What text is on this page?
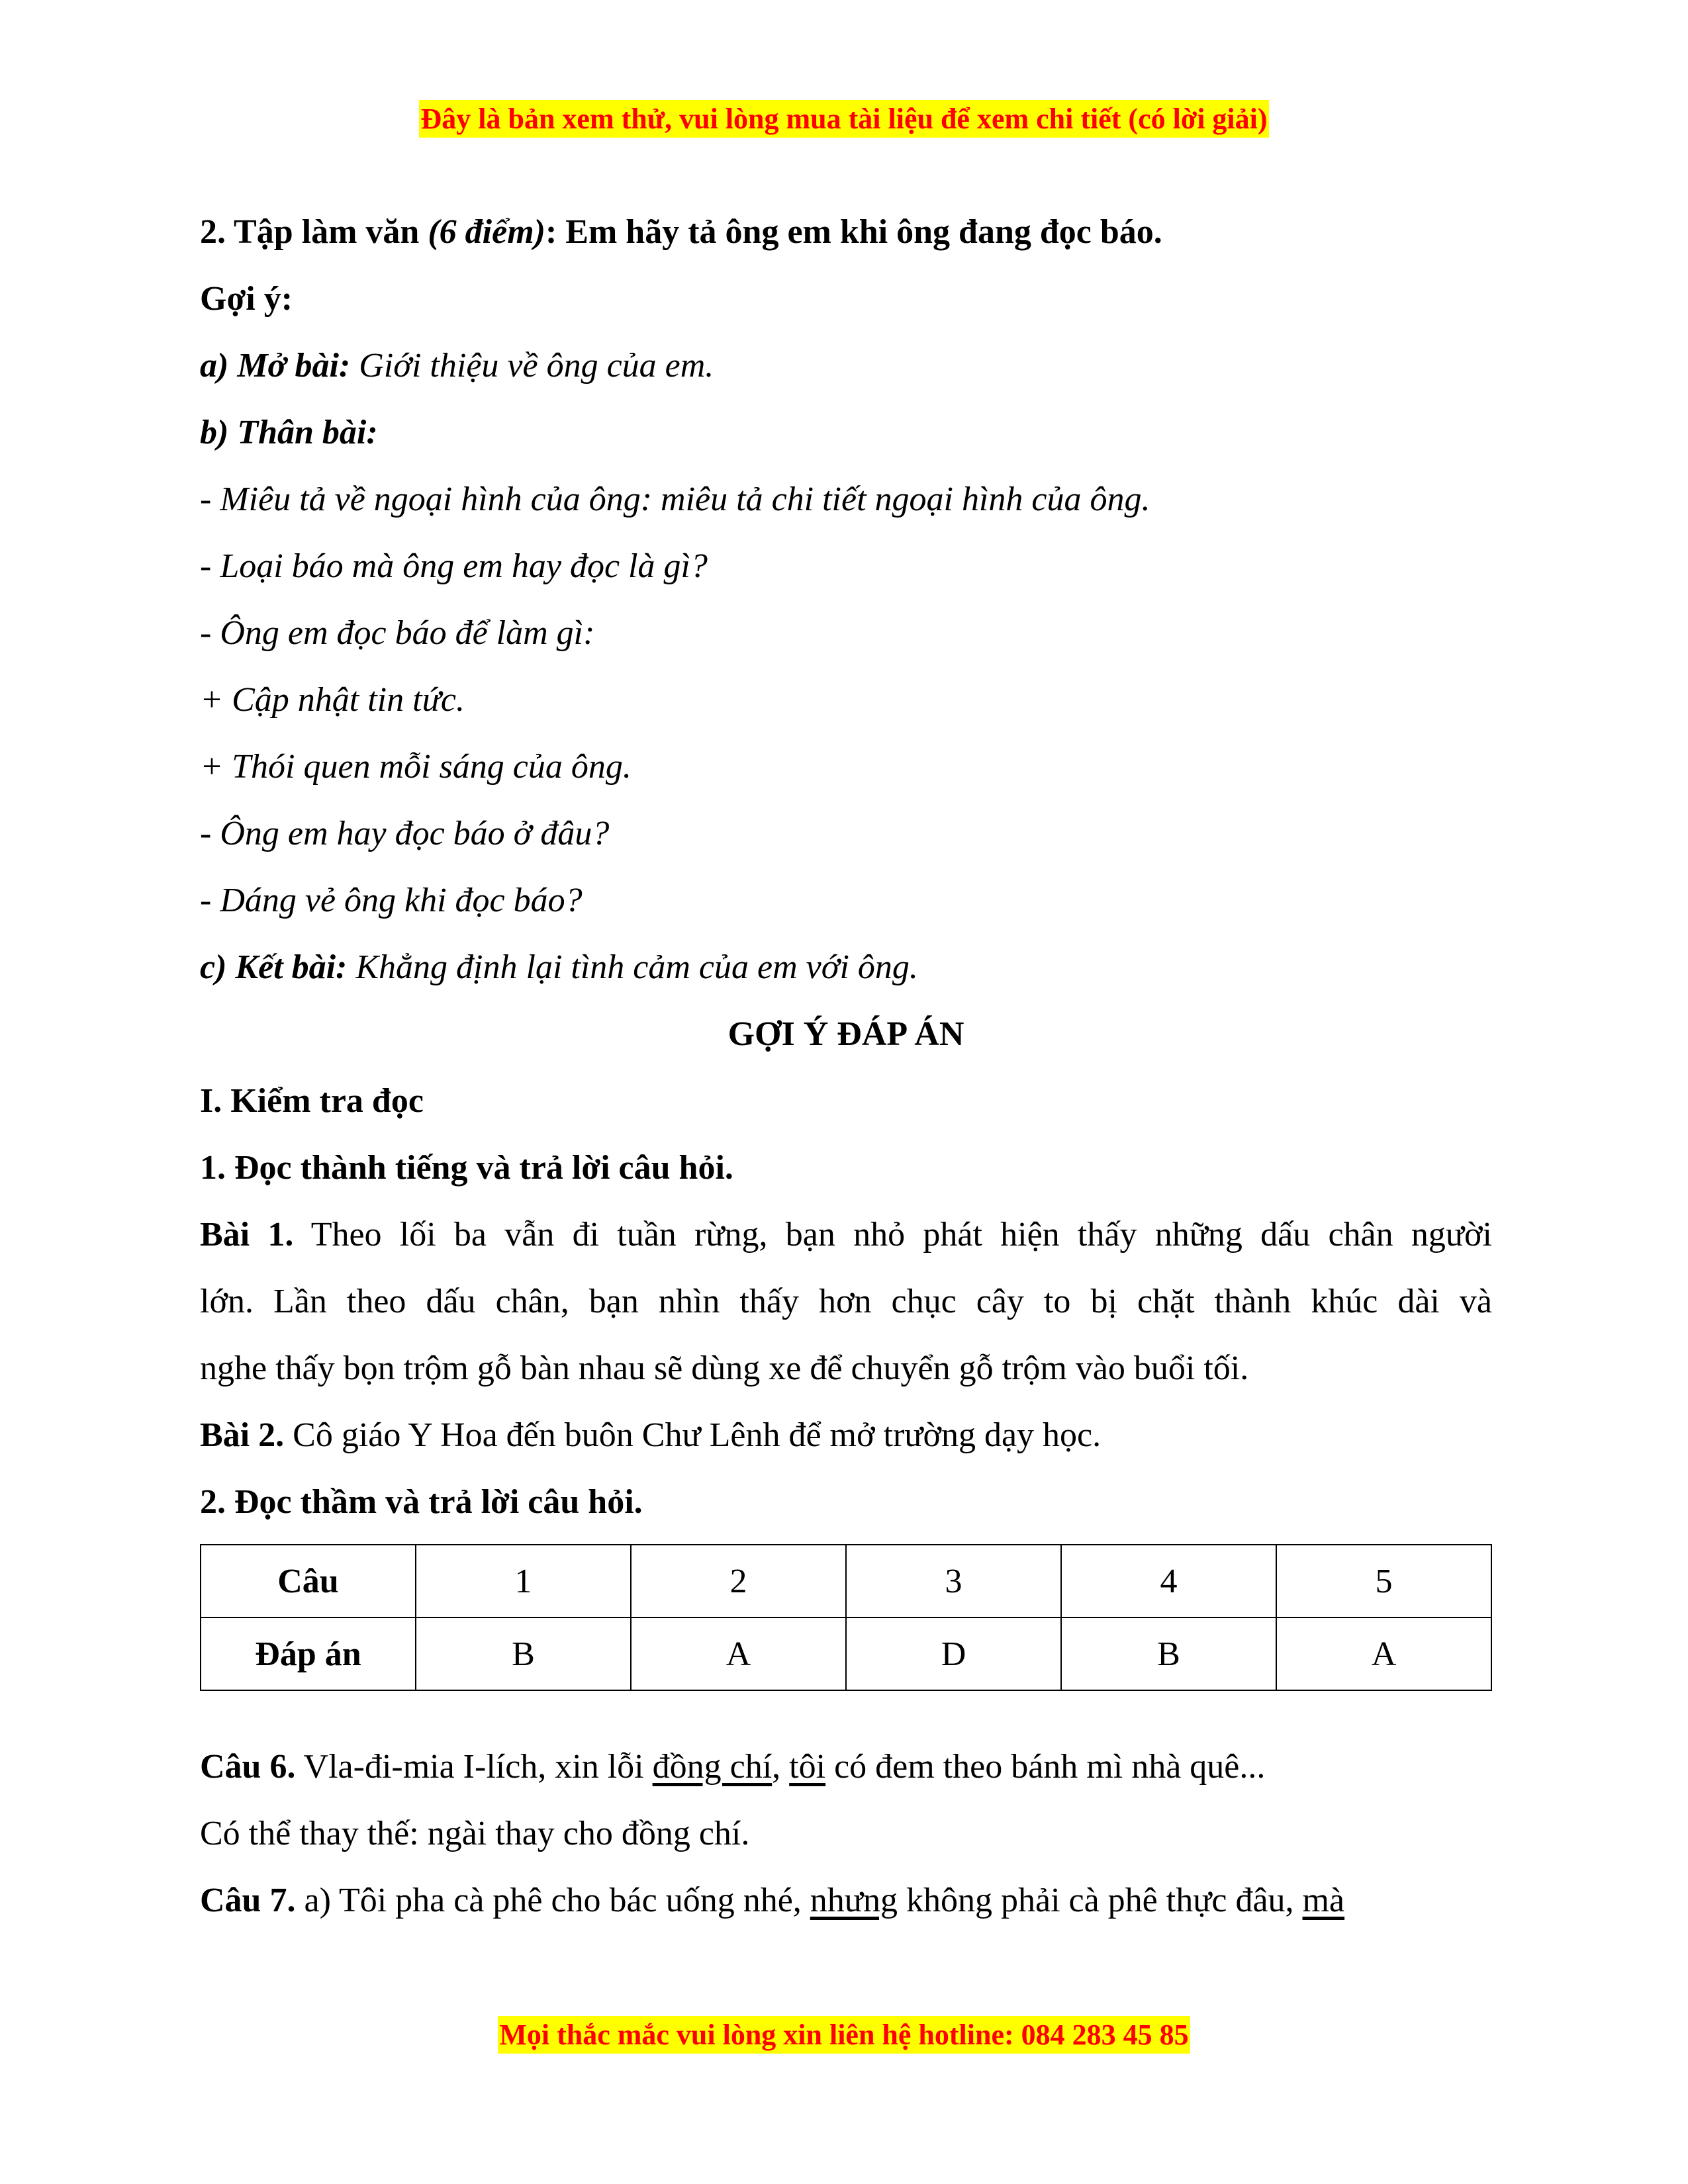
Đây là bản xem thử, vui lòng mua tài liệu để xem chi tiết (có lời giải)
2. Tập làm văn (6 điểm): Em hãy tả ông em khi ông đang đọc báo.
Gợi ý:
a) Mở bài: Giới thiệu về ông của em.
b) Thân bài:
- Miêu tả về ngoại hình của ông: miêu tả chi tiết ngoại hình của ông.
- Loại báo mà ông em hay đọc là gì?
- Ông em đọc báo để làm gì:
+ Cập nhật tin tức.
+ Thói quen mỗi sáng của ông.
- Ông em hay đọc báo ở đâu?
- Dáng vẻ ông khi đọc báo?
c) Kết bài: Khẳng định lại tình cảm của em với ông.
GỢI Ý ĐÁP ÁN
I. Kiểm tra đọc
1. Đọc thành tiếng và trả lời câu hỏi.
Bài 1. Theo lối ba vẫn đi tuần rừng, bạn nhỏ phát hiện thấy những dấu chân người
lớn. Lần theo dấu chân, bạn nhìn thấy hơn chục cây to bị chặt thành khúc dài và
nghe thấy bọn trộm gỗ bàn nhau sẽ dùng xe để chuyển gỗ trộm vào buổi tối.
Bài 2. Cô giáo Y Hoa đến buôn Chư Lênh để mở trường dạy học.
2. Đọc thầm và trả lời câu hỏi.
Câu	1	2	3	4	5
Đáp án	B	A	D	B	A
Câu 6. Vla-đi-mia I-lích, xin lỗi đồng chí, tôi có đem theo bánh mì nhà quê...
Có thể thay thế: ngài thay cho đồng chí.
Câu 7. a) Tôi pha cà phê cho bác uống nhé, nhưng không phải cà phê thực đâu, mà
Mọi thắc mắc vui lòng xin liên hệ hotline: 084 283 45 85
